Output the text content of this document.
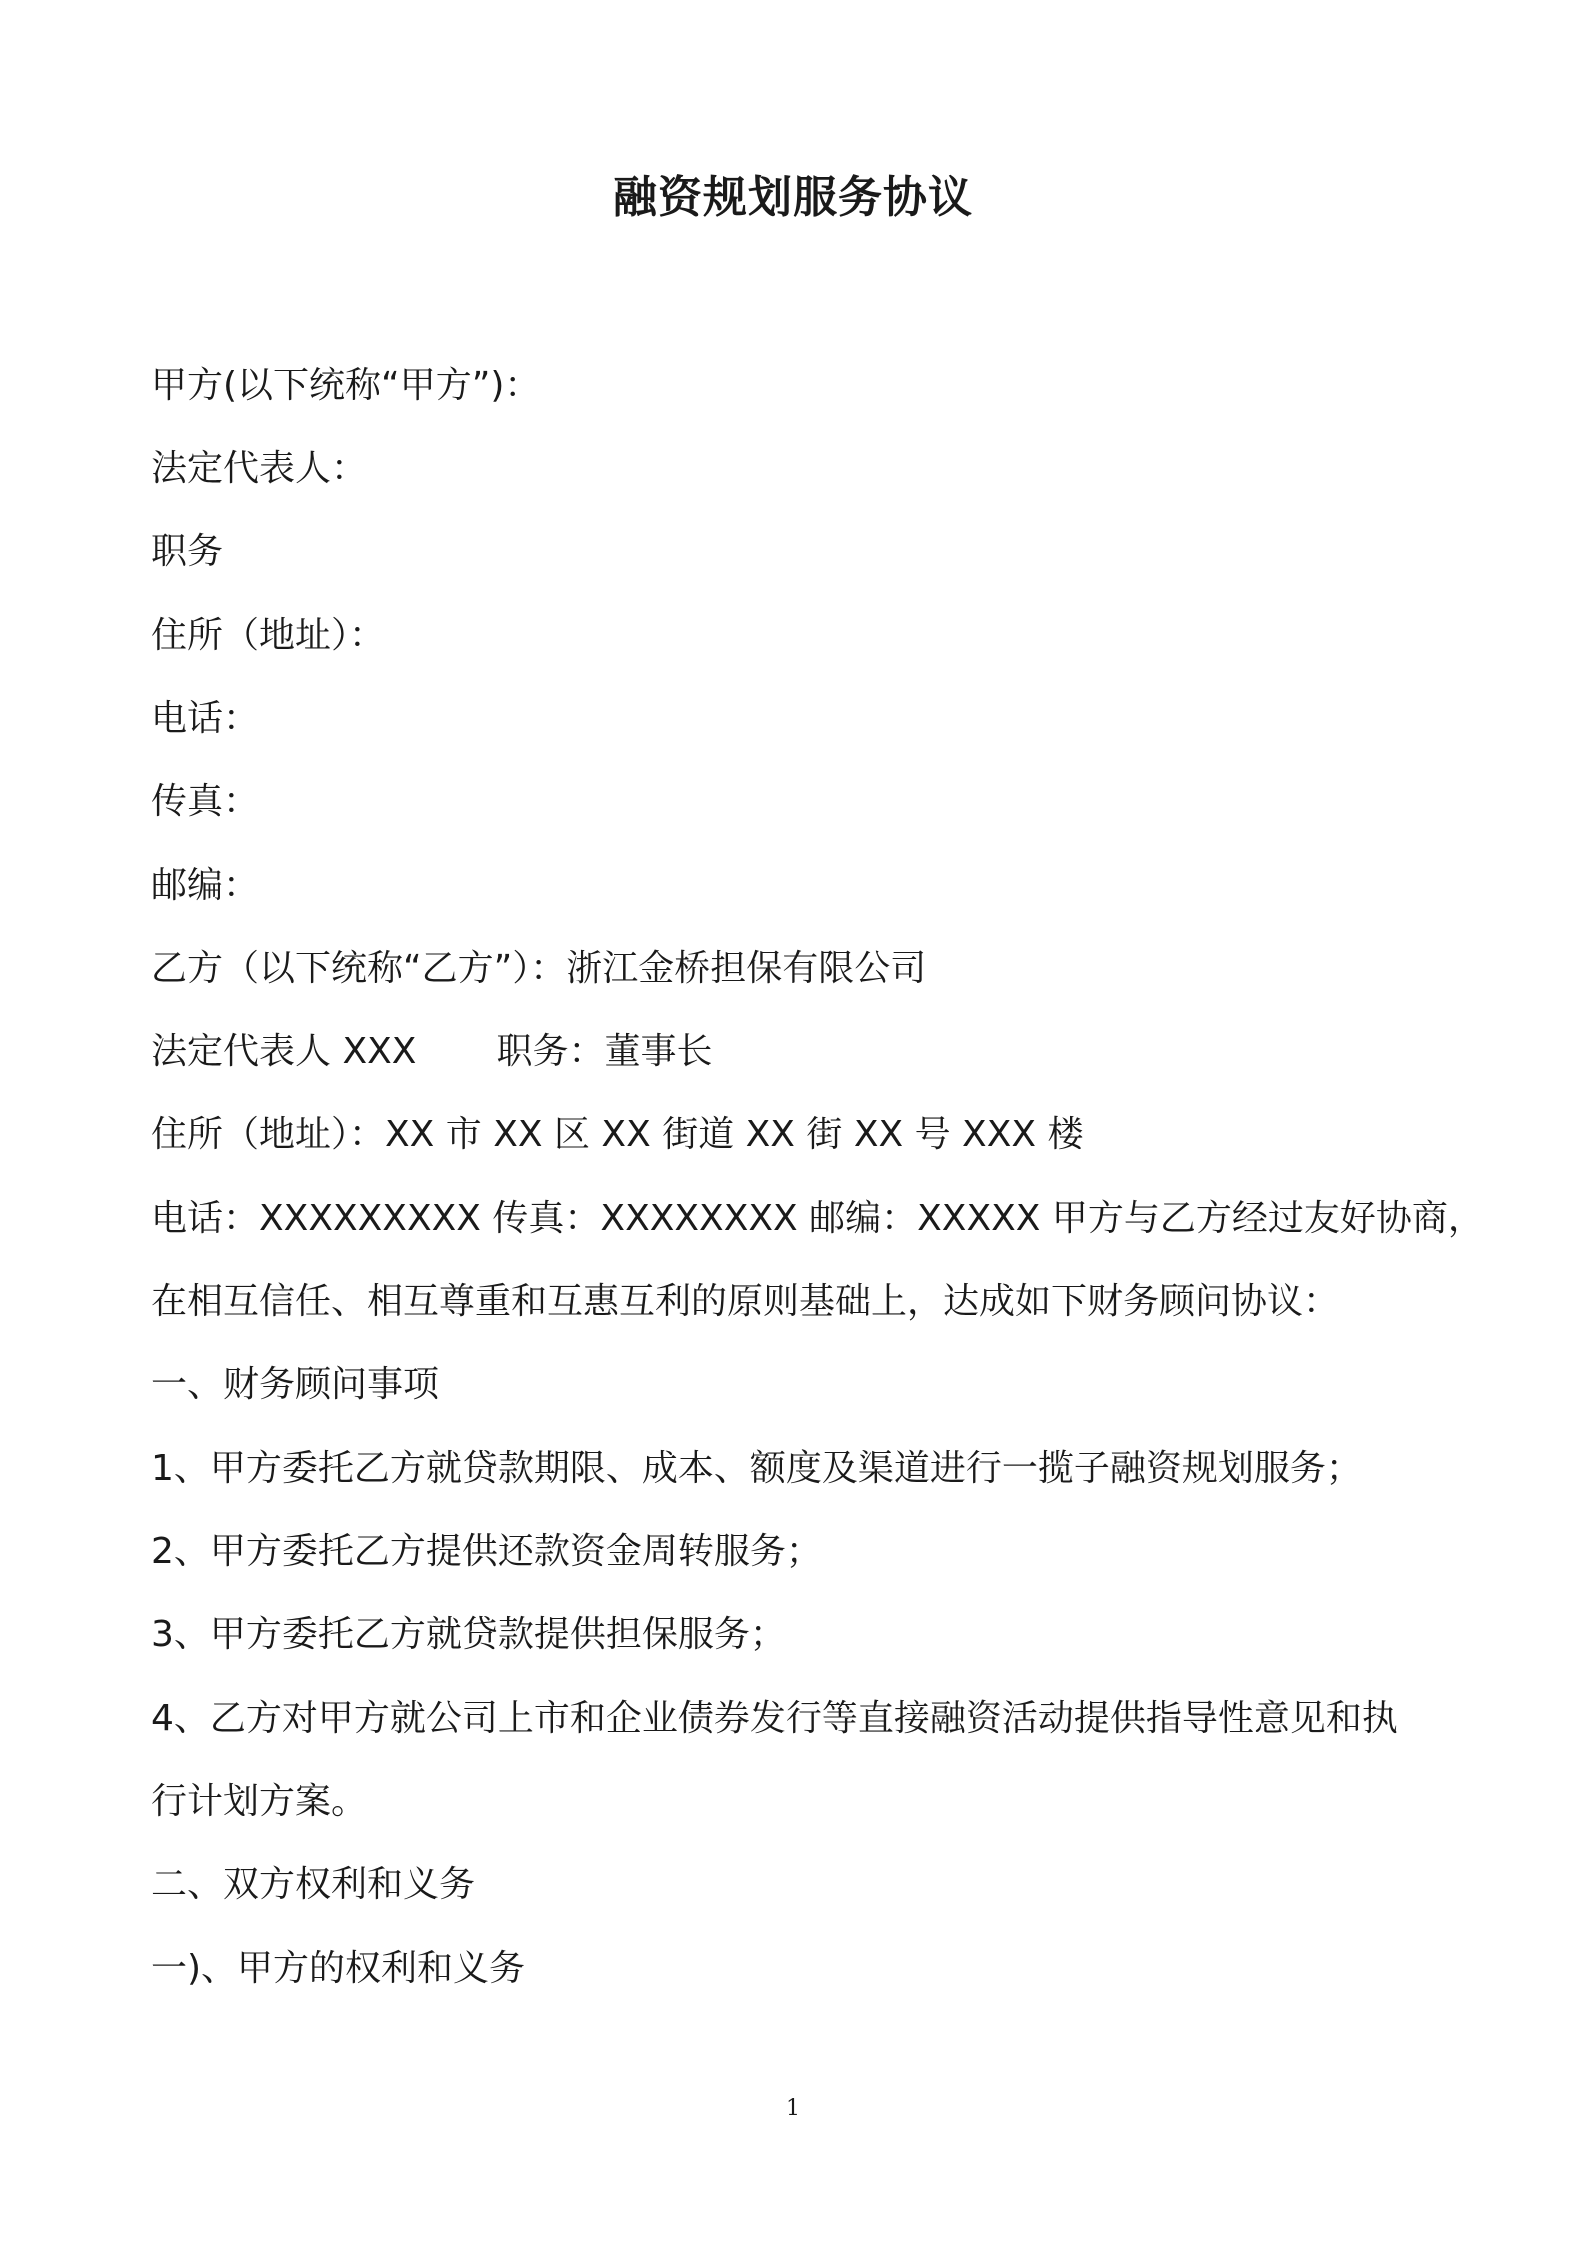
融资规划服务协议
甲方(以下统称“甲方”)：
法定代表人：
职务
住所（地址）：
电话：
传真：
邮编：
乙方（以下统称“乙方”）：浙江金桥担保有限公司
法定代表人 XXX 职务：董事长
住所（地址）：XX 市 XX 区 XX 街道 XX 街 XX 号 XXX 楼
电话：XXXXXXXXX 传真：XXXXXXXX 邮编：XXXXX 甲方与乙方经过友好协商，
在相互信任、相互尊重和互惠互利的原则基础上，达成如下财务顾问协议：
一、财务顾问事项
1、甲方委托乙方就贷款期限、成本、额度及渠道进行一揽子融资规划服务；
2、甲方委托乙方提供还款资金周转服务；
3、甲方委托乙方就贷款提供担保服务；
4、乙方对甲方就公司上市和企业债券发行等直接融资活动提供指导性意见和执
行计划方案。
二、双方权利和义务
一)、甲方的权利和义务
1
